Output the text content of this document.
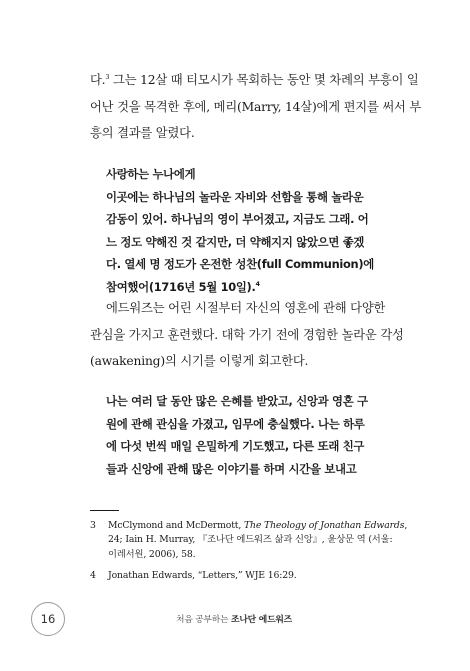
다.$^3$ 그는 12살 때 티모시가 목회하는 동안 몇 차례의 부흥이 일
어난 것을 목격한 후에, 메리(Marry, 14살)에게 편지를 써서 부
흥의 결과를 알렸다.

사랑하는 누나에게
이곳에는 하나님의 놀라운 자비와 선함을 통해 놀라운
감동이 있어. 하나님의 영이 부어졌고, 지금도 그래. 어
느 정도 약해진 것 같지만, 더 약해지지 않았으면 좋겠
다. 열세 명 정도가 온전한 성찬(full Communion)에
참여했어(1716년 5월 10일).$^4$

에드워즈는 어린 시절부터 자신의 영혼에 관해 다양한
관심을 가지고 훈련했다. 대학 가기 전에 경험한 놀라운 각성
(awakening)의 시기를 이렇게 회고한다.

나는 여러 달 동안 많은 은혜를 받았고, 신앙과 영혼 구
원에 관해 관심을 가졌고, 임무에 충실했다. 나는 하루
에 다섯 번씩 매일 은밀하게 기도했고, 다른 또래 친구
들과 신앙에 관해 많은 이야기를 하며 시간을 보내고
3	McClymond and McDermott, The Theology of Jonathan Edwards,
24; Iain H. Murray, 『조나단 에드워즈 삶과 신앙』, 윤상문 역 (서울:
이레서원, 2006), 58.
4	Jonathan Edwards, “Letters,” WJE 16:29.
16	처음 공부하는 조나단 에드워즈
